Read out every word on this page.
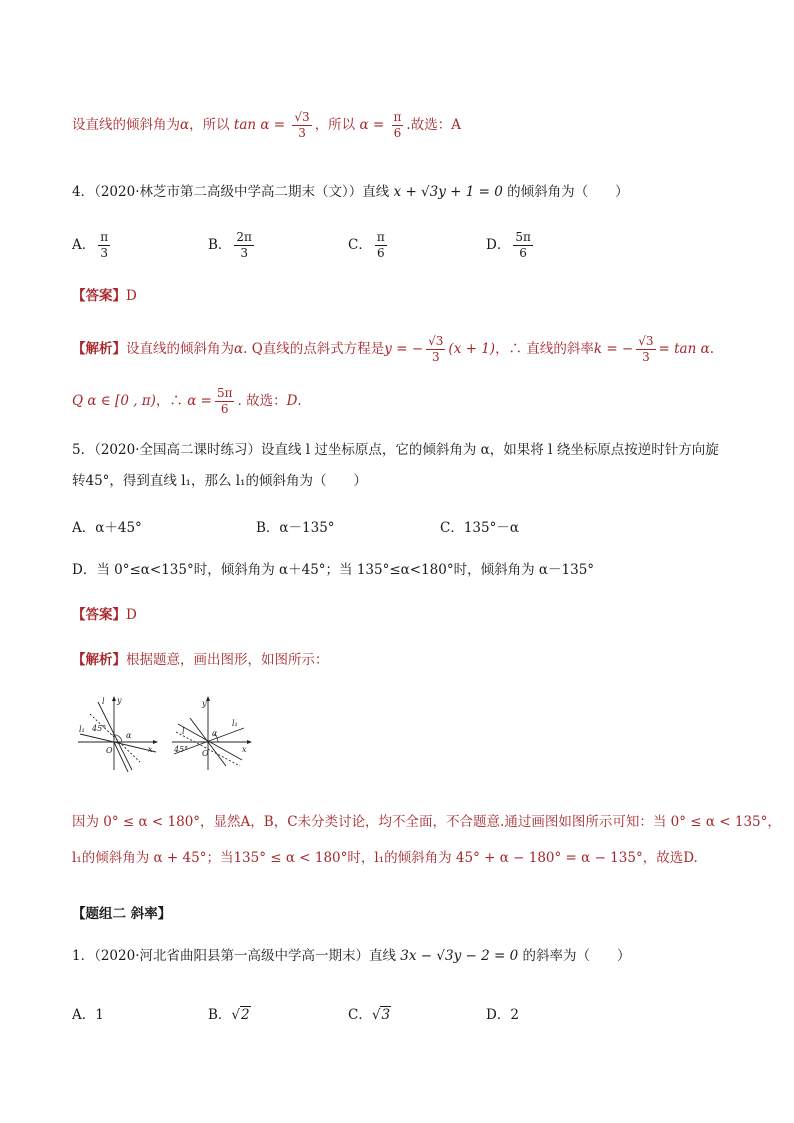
设直线的倾斜角为α，所以 $\tan \alpha = \frac{√3}{3}$ ，所以 $\alpha = \frac{\pi}{6}$ .故选：A
4．（2020·林芝市第二高级中学高二期末（文））直线 x + √3y + 1 = 0 的倾斜角为（　　）
A． $\frac{\pi}{3}$	B． $\frac{2\pi}{3}$	C． $\frac{\pi}{6}$	D． $\frac{5\pi}{6}$
【答案】D
【解析】设直线的倾斜角为α. Q直线的点斜式方程是y = − $\frac{√3}{3} (x + 1)$，∴ 直线的斜率k = − $\frac{√3}{3} = \tan \alpha$.
Q α ∈ [0 , π)，∴ $\alpha = \frac{5\pi}{6}$ . 故选：D.
5．（2020·全国高二课时练习）设直线 l 过坐标原点，它的倾斜角为 α，如果将 l 绕坐标原点按逆时针方向旋
转45°，得到直线 l₁，那么 l₁的倾斜角为（　　）
A．α＋45°	B．α－135°	C．135°－α
D．当 0°≤α<135°时，倾斜角为 α＋45°；当 135°≤α<180°时，倾斜角为 α－135°
【答案】D
【解析】根据题意，画出图形，如图所示：
y
l
45°
α
l₁
O	x
y
l₁
l	α
45° O	x
因为 0° ≤ α < 180°，显然A，B，C未分类讨论，均不全面，不合题意.通过画图如图所示可知：当 0° ≤ α < 135°，
l₁的倾斜角为 α + 45°；当135° ≤ α < 180°时，l₁的倾斜角为 45° + α − 180° = α − 135°，故选D.
【题组二 斜率】
1．（2020·河北省曲阳县第一高级中学高一期末）直线 3x − √3y − 2 = 0 的斜率为（　　）
A．1	B．√2	C．√3	D．2
